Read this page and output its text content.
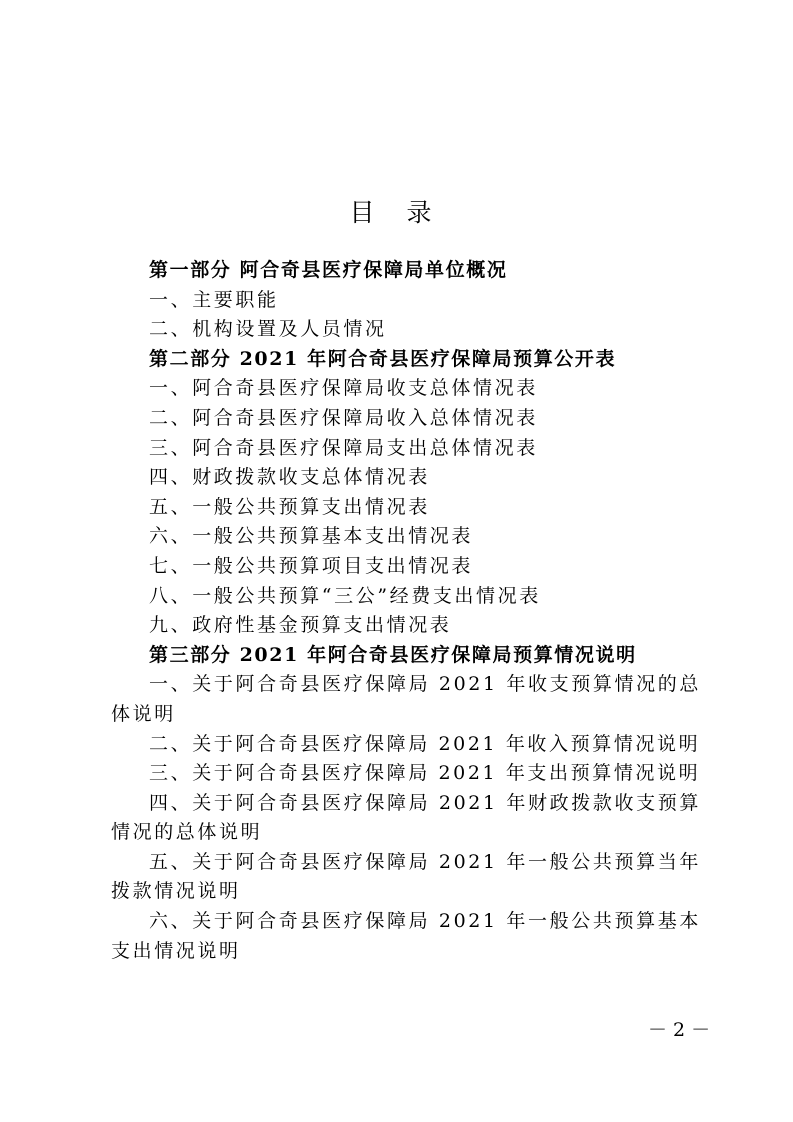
目 录

第一部分 阿合奇县医疗保障局单位概况

一、主要职能

二、机构设置及人员情况

第二部分 2021 年阿合奇县医疗保障局预算公开表

一、阿合奇县医疗保障局收支总体情况表

二、阿合奇县医疗保障局收入总体情况表

三、阿合奇县医疗保障局支出总体情况表

四、财政拨款收支总体情况表

五、一般公共预算支出情况表

六、一般公共预算基本支出情况表

七、一般公共预算项目支出情况表

八、一般公共预算“三公”经费支出情况表

九、政府性基金预算支出情况表

第三部分 2021 年阿合奇县医疗保障局预算情况说明

一、关于阿合奇县医疗保障局 2021 年收支预算情况的总体说明

二、关于阿合奇县医疗保障局 2021 年收入预算情况说明

三、关于阿合奇县医疗保障局 2021 年支出预算情况说明

四、关于阿合奇县医疗保障局 2021 年财政拨款收支预算情况的总体说明

五、关于阿合奇县医疗保障局 2021 年一般公共预算当年拨款情况说明

六、关于阿合奇县医疗保障局 2021 年一般公共预算基本支出情况说明

－ 2 －
